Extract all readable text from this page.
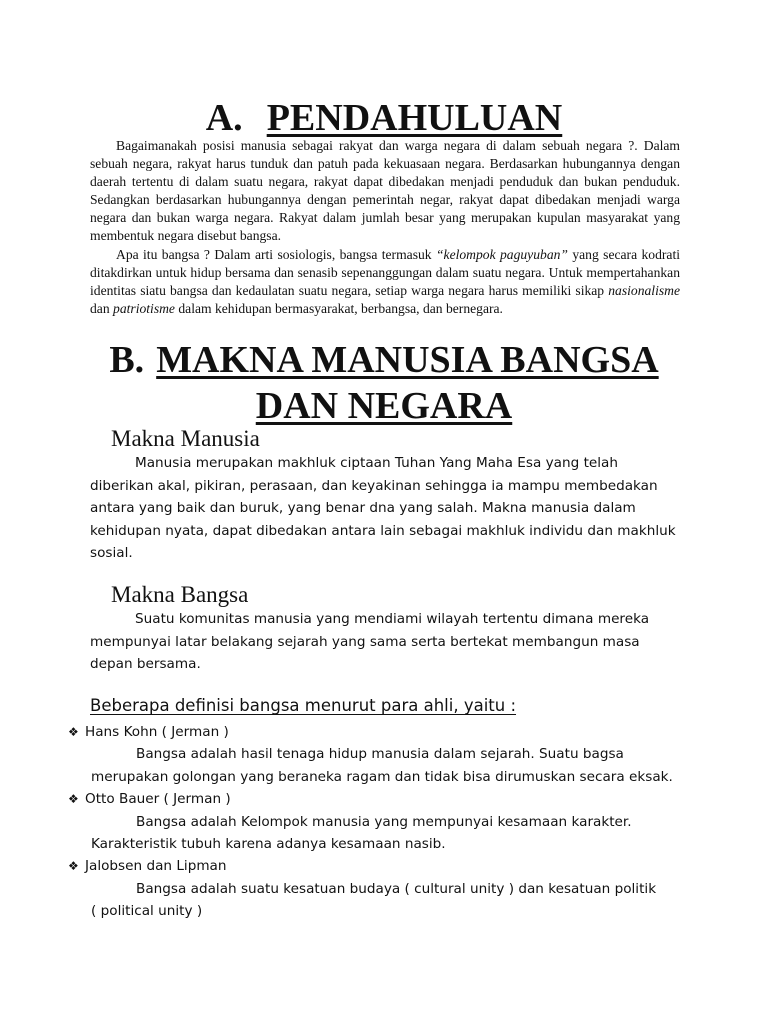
A. PENDAHULUAN

Bagaimanakah posisi manusia sebagai rakyat dan warga negara di dalam sebuah negara ?. Dalam sebuah negara, rakyat harus tunduk dan patuh pada kekuasaan negara. Berdasarkan hubungannya dengan daerah tertentu di dalam suatu negara, rakyat dapat dibedakan menjadi penduduk dan bukan penduduk. Sedangkan berdasarkan hubungannya dengan pemerintah negar, rakyat dapat dibedakan menjadi warga negara dan bukan warga negara. Rakyat dalam jumlah besar yang merupakan kupulan masyarakat yang membentuk negara disebut bangsa.

Apa itu bangsa ? Dalam arti sosiologis, bangsa termasuk “kelompok paguyuban” yang secara kodrati ditakdirkan untuk hidup bersama dan senasib sepenanggungan dalam suatu negara. Untuk mempertahankan identitas siatu bangsa dan kedaulatan suatu negara, setiap warga negara harus memiliki sikap nasionalisme dan patriotisme dalam kehidupan bermasyarakat, berbangsa, dan bernegara.

B. MAKNA MANUSIA BANGSA
DAN NEGARA
Makna Manusia

Manusia merupakan makhluk ciptaan Tuhan Yang Maha Esa yang telah diberikan akal, pikiran, perasaan, dan keyakinan sehingga ia mampu membedakan antara yang baik dan buruk, yang benar dna yang salah. Makna manusia dalam kehidupan nyata, dapat dibedakan antara lain sebagai makhluk individu dan makhluk sosial.

Makna Bangsa

Suatu komunitas manusia yang mendiami wilayah tertentu dimana mereka mempunyai latar belakang sejarah yang sama serta bertekat membangun masa depan bersama.

Beberapa definisi bangsa menurut para ahli, yaitu :
❖ Hans Kohn ( Jerman )
Bangsa adalah hasil tenaga hidup manusia dalam sejarah. Suatu bagsa
merupakan golongan yang beraneka ragam dan tidak bisa dirumuskan secara eksak.
❖ Otto Bauer ( Jerman )
Bangsa adalah Kelompok manusia yang mempunyai kesamaan karakter.
Karakteristik tubuh karena adanya kesamaan nasib.
❖ Jalobsen dan Lipman
Bangsa adalah suatu kesatuan budaya ( cultural unity ) dan kesatuan politik
( political unity )
